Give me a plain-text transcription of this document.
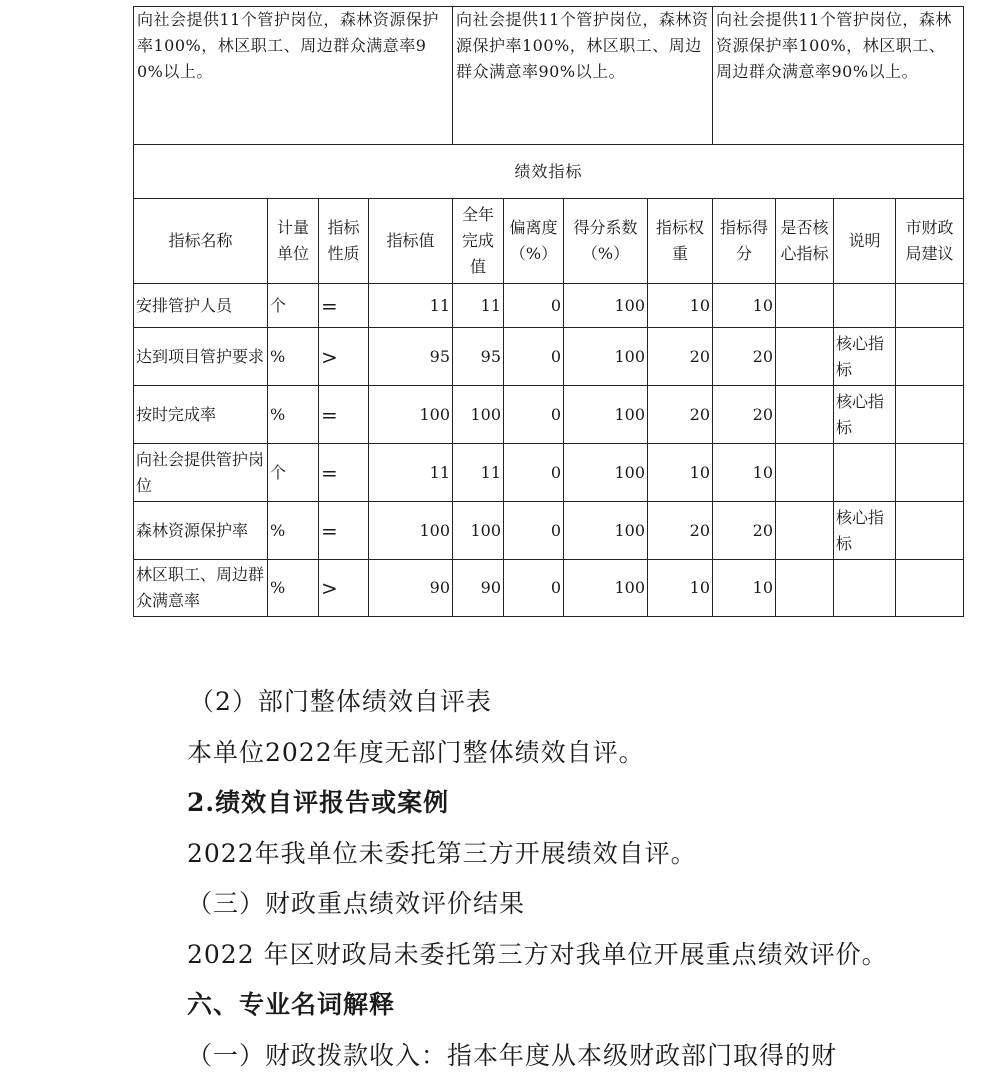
向社会提供11个管护岗位，森林资源保护率100%，林区职工、周边群众满意率90%以上。				向社会提供11个管护岗位，森林资源保护率100%，林区职工、周边群众满意率90%以上。				向社会提供11个管护岗位，森林资源保护率100%，林区职工、周边群众满意率90%以上。			
绩效指标											
指标名称	计量单位	指标性质	指标值	全年完成值	偏离度（%）	得分系数（%）	指标权重	指标得分	是否核心指标	说明	市财政局建议
安排管护人员	个	=	11	11	0	100	10	10			
达到项目管护要求	%	>	95	95	0	100	20	20		核心指标	
按时完成率	%	=	100	100	0	100	20	20		核心指标	
向社会提供管护岗位	个	=	11	11	0	100	10	10			
森林资源保护率	%	=	100	100	0	100	20	20		核心指标	
林区职工、周边群众满意率	%	>	90	90	0	100	10	10			
（2）部门整体绩效自评表
本单位2022年度无部门整体绩效自评。
2.绩效自评报告或案例
2022年我单位未委托第三方开展绩效自评。
（三）财政重点绩效评价结果
2022 年区财政局未委托第三方对我单位开展重点绩效评价。
六、专业名词解释
（一）财政拨款收入：指本年度从本级财政部门取得的财
